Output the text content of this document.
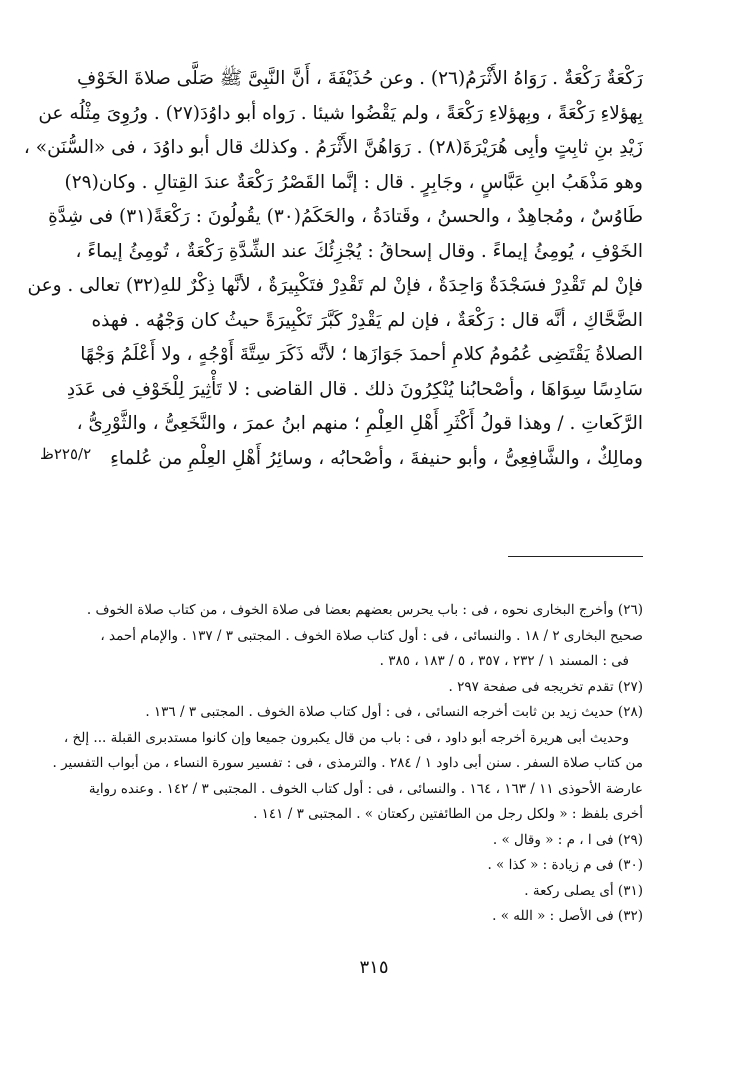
رَكْعَةٌ رَكْعَةٌ . رَوَاهُ الأَثْرَمُ(٢٦) . وعن حُذَيْفَةَ ، أَنَّ النَّبِىَّ ﷺ صَلَّى صلاةَ الخَوْفِ
بِهؤلاءِ رَكْعَةً ، وبِهؤلاءِ رَكْعَةً ، ولم يَقْضُوا شيئا . رَواه أبو داوُدَ(٢٧) . ورُوِىَ مِثْلُه عن
زَيْدِ بنِ ثابِتٍ وأبِى هُرَيْرَةَ(٢٨) . رَوَاهُنَّ الأَثْرَمُ . وكذلك قال أبو داوُدَ ، فى «السُّنَن» ،
وهو مَذْهَبُ ابنِ عَبَّاسٍ ، وجَابِرٍ . قال : إنَّما القَصْرُ رَكْعَةٌ عندَ القِتالِ . وكان(٢٩)
طَاوُسٌ ، ومُجاهِدٌ ، والحسنُ ، وقَتادَةُ ، والحَكَمُ(٣٠) يقُولُونَ : رَكْعَةً(٣١) فى شِدَّةِ
الخَوْفِ ، يُومِئُ إيماءً . وقال إسحاقُ : يُجْزِئُكَ عند الشِّدَّةِ رَكْعَةٌ ، تُومِئُ إيماءً ،
فإنْ لم تَقْدِرْ فسَجْدَةٌ وَاحِدَةٌ ، فإنْ لم تَقْدِرْ فتَكْبِيرَةٌ ، لأنَّها ذِكْرٌ للهِ(٣٢) تعالى . وعن
الضَّحَّاكِ ، أنَّه قال : رَكْعَةٌ ، فإن لم يَقْدِرْ كَبَّرَ تَكْبِيرَةً حيثُ كان وَجْهُه . فهذه
الصلاةُ يَقْتَضِى عُمُومُ كلامِ أحمدَ جَوَازَها ؛ لأنَّه ذَكَرَ سِتَّةَ أَوْجُهٍ ، ولا أَعْلَمُ وَجْهًا
سَادِسًا سِوَاهَا ، وأصْحابُنا يُنْكِرُونَ ذلك . قال القاضى : لا تَأْثِيرَ لِلْخَوْفِ فى عَدَدِ
الرَّكَعاتِ . / وهذا قولُ أَكْثَرِ أَهْلِ العِلْمِ ؛ منهم ابنُ عمرَ ، والنَّخَعِىُّ ، والثَّوْرِىُّ ،
ومالِكٌ ، والشَّافِعِىُّ ، وأبو حنيفةَ ، وأصْحابُه ، وسائِرُ أَهْلِ العِلْمِ من عُلماءِ
٢٢٥/٢ظ
(٢٦) وأخرج البخارى نحوه ، فى : باب يحرس بعضهم بعضا فى صلاة الخوف ، من كتاب صلاة الخوف .
صحيح البخارى ٢ / ١٨ . والنسائى ، فى : أول كتاب صلاة الخوف . المجتبى ٣ / ١٣٧ . والإمام أحمد ،
فى : المسند ١ / ٢٣٢ ، ٣٥٧ ، ٥ / ١٨٣ ، ٣٨٥ .
(٢٧) تقدم تخريجه فى صفحة ٢٩٧ .
(٢٨) حديث زيد بن ثابت أخرجه النسائى ، فى : أول كتاب صلاة الخوف . المجتبى ٣ / ١٣٦ .
وحديث أبى هريرة أخرجه أبو داود ، فى : باب من قال يكبرون جميعا وإن كانوا مستدبرى القبلة ... إلخ ،
من كتاب صلاة السفر . سنن أبى داود ١ / ٢٨٤ . والترمذى ، فى : تفسير سورة النساء ، من أبواب التفسير .
عارضة الأحوذى ١١ / ١٦٣ ، ١٦٤ . والنسائى ، فى : أول كتاب الخوف . المجتبى ٣ / ١٤٢ . وعنده رواية
أخرى بلفظ : « ولكل رجل من الطائفتين ركعتان » . المجتبى ٣ / ١٤١ .
(٢٩) فى ا ، م : « وقال » .
(٣٠) فى م زيادة : « كذا » .
(٣١) أى يصلى ركعة .
(٣٢) فى الأصل : « الله » .
٣١٥
